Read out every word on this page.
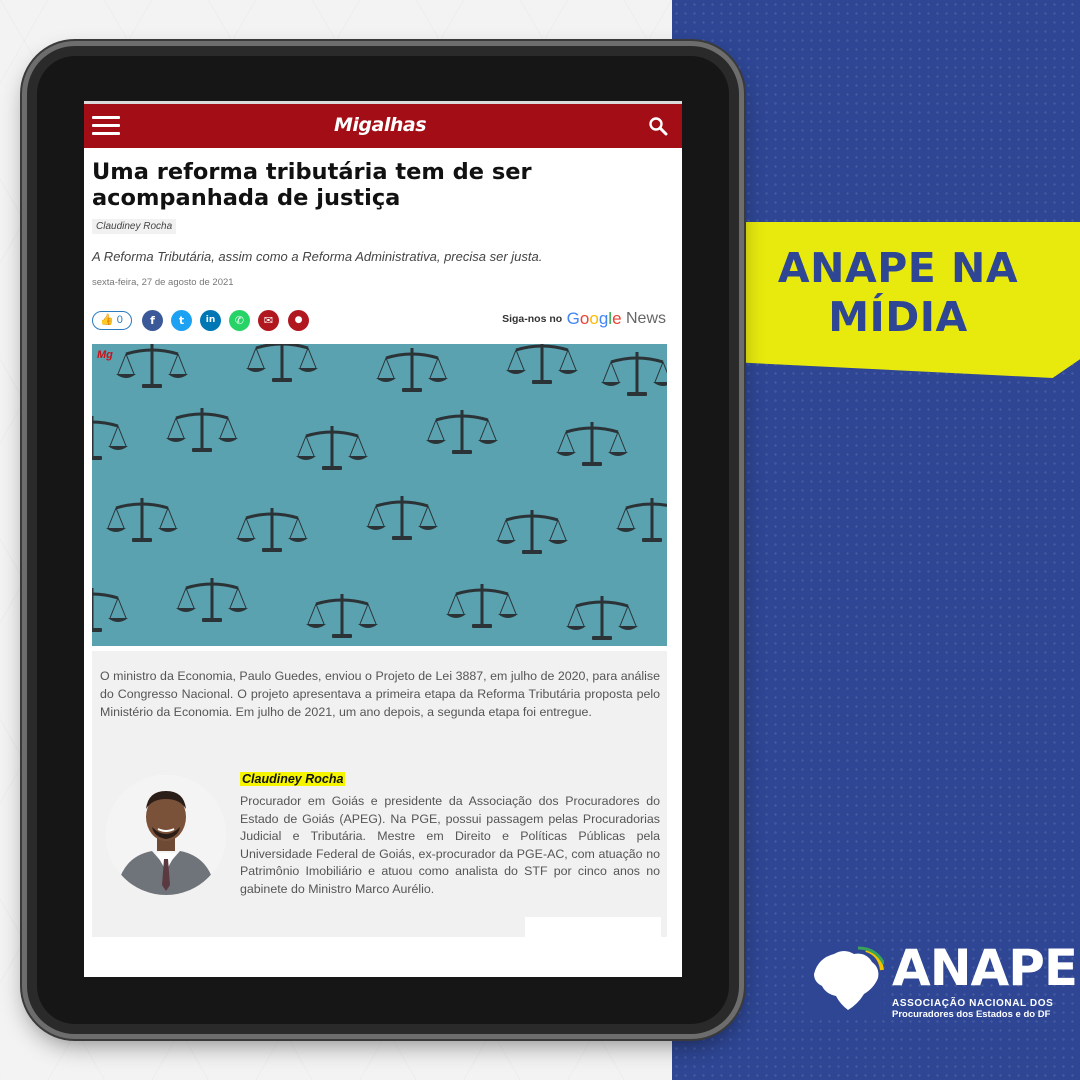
ANAPE NA
MÍDIA
ANAPE
ASSOCIAÇÃO NACIONAL DOS
Procuradores dos Estados e do DF
Migalhas
Uma reforma tributária tem de ser acompanhada de justiça
Claudiney Rocha
A Reforma Tributária, assim como a Reforma Administrativa, precisa ser justa.
sexta-feira, 27 de agosto de 2021
👍 0	f	t	in	✆	✉	●	Siga-nos no Google News
Mg
O ministro da Economia, Paulo Guedes, enviou o Projeto de Lei 3887, em julho de 2020, para análise do Congresso Nacional. O projeto apresentava a primeira etapa da Reforma Tributária proposta pelo Ministério da Economia. Em julho de 2021, um ano depois, a segunda etapa foi entregue.
Claudiney Rocha
Procurador em Goiás e presidente da Associação dos Procuradores do Estado de Goiás (APEG). Na PGE, possui passagem pelas Procuradorias Judicial e Tributária. Mestre em Direito e Políticas Públicas pela Universidade Federal de Goiás, ex-procurador da PGE-AC, com atuação no Patrimônio Imobiliário e atuou como analista do STF por cinco anos no gabinete do Ministro Marco Aurélio.
